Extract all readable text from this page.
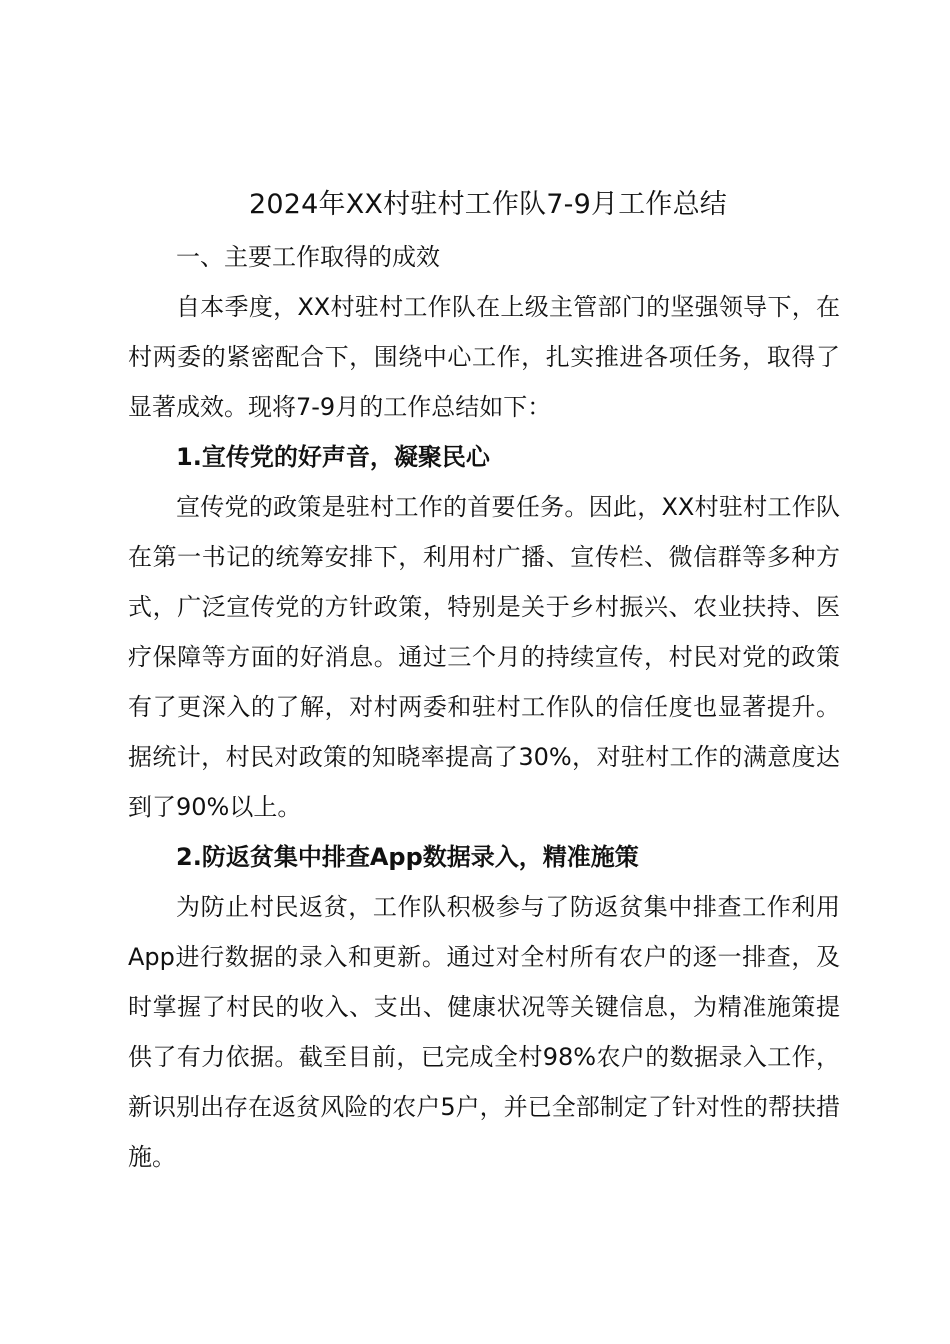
2024年XX村驻村工作队7-9月工作总结
一、主要工作取得的成效

自本季度，XX村驻村工作队在上级主管部门的坚强领导下，在村两委的紧密配合下，围绕中心工作，扎实推进各项任务，取得了显著成效。现将7-9月的工作总结如下：

1.宣传党的好声音，凝聚民心

宣传党的政策是驻村工作的首要任务。因此，XX村驻村工作队在第一书记的统筹安排下，利用村广播、宣传栏、微信群等多种方式，广泛宣传党的方针政策，特别是关于乡村振兴、农业扶持、医疗保障等方面的好消息。通过三个月的持续宣传，村民对党的政策有了更深入的了解，对村两委和驻村工作队的信任度也显著提升。据统计，村民对政策的知晓率提高了30%，对驻村工作的满意度达到了90%以上。

2.防返贫集中排查App数据录入，精准施策

为防止村民返贫，工作队积极参与了防返贫集中排查工作利用App进行数据的录入和更新。通过对全村所有农户的逐一排查，及时掌握了村民的收入、支出、健康状况等关键信息，为精准施策提供了有力依据。截至目前，已完成全村98%农户的数据录入工作，新识别出存在返贫风险的农户5户，并已全部制定了针对性的帮扶措施。
